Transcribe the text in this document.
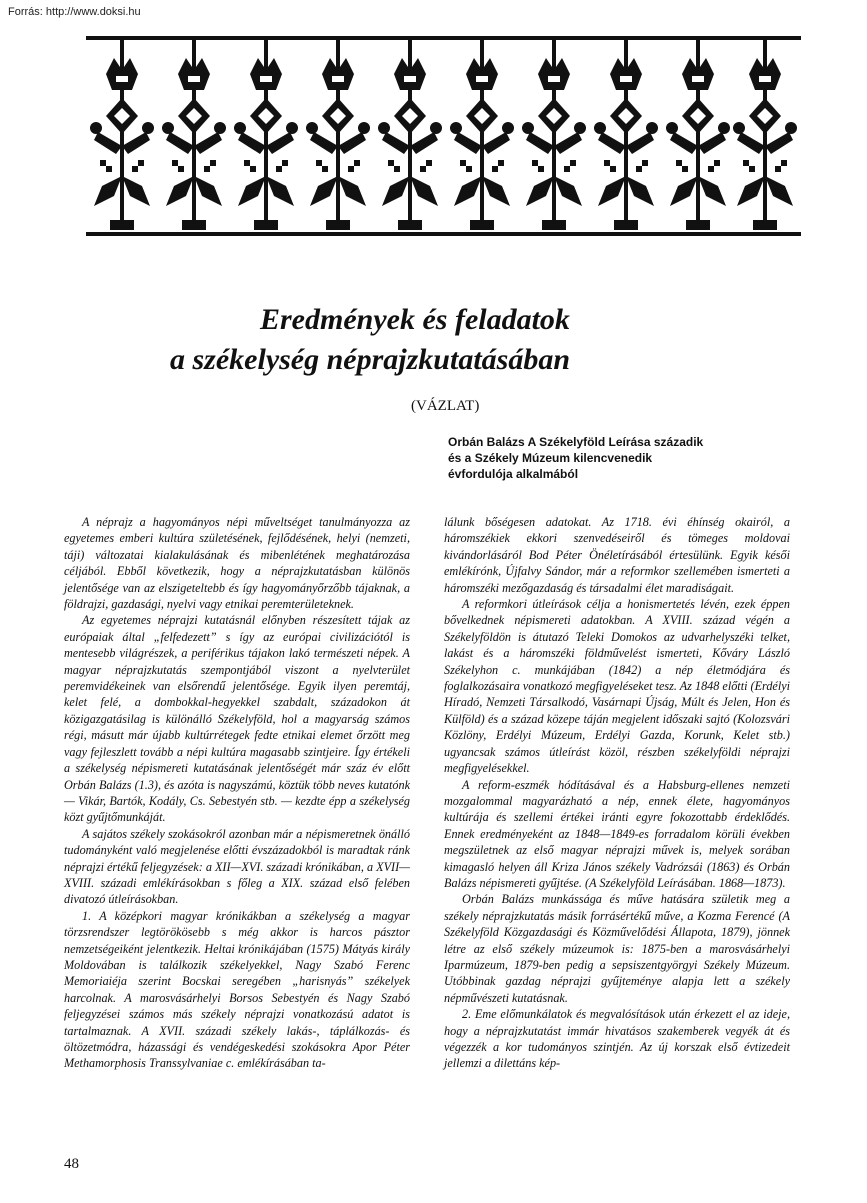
Forrás: http://www.doksi.hu
Eredmények és feladatok
a székelység néprajzkutatásában
(VÁZLAT)
Orbán Balázs A Székelyföld Leírása századik
és a Székely Múzeum kilencvenedik
évfordulója alkalmából

A néprajz a hagyományos népi műveltséget tanulmányozza az egyetemes emberi kultúra születésének, fejlődésének, helyi (nemzeti, táji) változatai kialakulásának és mibenlétének meghatározása céljából. Ebből következik, hogy a néprajzkutatásban különös jelentősége van az elszigeteltebb és így hagyományőrzőbb tájaknak, a földrajzi, gazdasági, nyelvi vagy etnikai peremterületeknek.

Az egyetemes néprajzi kutatásnál előnyben részesített tájak az európaiak által „felfedezett” s így az európai civilizációtól is mentesebb világrészek, a periférikus tájakon lakó természeti népek. A magyar néprajzkutatás szempontjából viszont a nyelvterület peremvidékeinek van elsőrendű jelentősége. Egyik ilyen peremtáj, kelet felé, a dombokkal-hegyekkel szabdalt, századokon át közigazgatásilag is különálló Székelyföld, hol a magyarság számos régi, másutt már újabb kultúrrétegek fedte etnikai elemet őrzött meg vagy fejleszlett tovább a népi kultúra magasabb szintjeire. Így értékeli a székelység népismereti kutatásának jelentőségét már száz év előtt Orbán Balázs (1.3), és azóta is nagyszámú, köztük több neves kutatónk — Vikár, Bartók, Kodály, Cs. Sebestyén stb. — kezdte épp a székelység közt gyűjtőmunkáját.

A sajátos székely szokásokról azonban már a népismeretnek önálló tudományként való megjelenése előtti évszázadokból is maradtak ránk néprajzi értékű feljegyzések: a XII—XVI. századi krónikában, a XVII—XVIII. századi emlékírásokban s főleg a XIX. század első felében divatozó útleírásokban.

1. A középkori magyar krónikákban a székelység a magyar törzsrendszer legtörökösebb s még akkor is harcos pásztor nemzetségeiként jelentkezik. Heltai krónikájában (1575) Mátyás király Moldovában is találkozik székelyekkel, Nagy Szabó Ferenc Memoriaiéja szerint Bocskai seregében „harisnyás” székelyek harcolnak. A marosvásárhelyi Borsos Sebestyén és Nagy Szabó feljegyzései számos más székely néprajzi vonatkozású adatot is tartalmaznak. A XVII. századi székely lakás-, táplálkozás- és öltözetmódra, házassági és vendégeskedési szokásokra Apor Péter Methamorphosis Transsylvaniae c. emlékírásában ta-

lálunk bőségesen adatokat. Az 1718. évi éhínség okairól, a háromszékiek ekkori szenvedéseiről és tömeges moldovai kivándorlásáról Bod Péter Önéletírásából értesülünk. Egyik késői emlékírónk, Újfalvy Sándor, már a reformkor szellemében ismerteti a háromszéki mezőgazdaság és társadalmi élet maradiságait.

A reformkori útleírások célja a honismertetés lévén, ezek éppen bővelkednek népismereti adatokban. A XVIII. század végén a Székelyföldön is átutazó Teleki Domokos az udvarhelyszéki telket, lakást és a háromszéki földművelést ismerteti, Kőváry László Székelyhon c. munkájában (1842) a nép életmódjára és foglalkozásaira vonatkozó megfigyeléseket tesz. Az 1848 előtti (Erdélyi Híradó, Nemzeti Társalkodó, Vasárnapi Újság, Múlt és Jelen, Hon és Külföld) és a század közepe táján megjelent időszaki sajtó (Kolozsvári Közlöny, Erdélyi Múzeum, Erdélyi Gazda, Korunk, Kelet stb.) ugyancsak számos útleírást közöl, részben székelyföldi néprajzi megfigyelésekkel.

A reform-eszmék hódításával és a Habsburg-ellenes nemzeti mozgalommal magyarázható a nép, ennek élete, hagyományos kultúrája és szellemi értékei iránti egyre fokozottabb érdeklődés. Ennek eredményeként az 1848—1849-es forradalom körüli években megszületnek az első magyar néprajzi művek is, melyek sorában kimagasló helyen áll Kriza János székely Vadrózsái (1863) és Orbán Balázs népismereti gyűjtése. (A Székelyföld Leírásában. 1868—1873).

Orbán Balázs munkássága és műve hatására születik meg a székely néprajzkutatás másik forrásértékű műve, a Kozma Ferencé (A Székelyföld Közgazdasági és Közművelődési Állapota, 1879), jönnek létre az első székely múzeumok is: 1875-ben a marosvásárhelyi Iparmúzeum, 1879-ben pedig a sepsiszentgyörgyi Székely Múzeum. Utóbbinak gazdag néprajzi gyűjteménye alapja lett a székely népművészeti kutatásnak.

2. Eme előmunkálatok és megvalósítások után érkezett el az ideje, hogy a néprajzkutatást immár hivatásos szakemberek vegyék át és végezzék a kor tudományos szintjén. Az új korszak első évtizedeit jellemzi a dilettáns kép-

48
